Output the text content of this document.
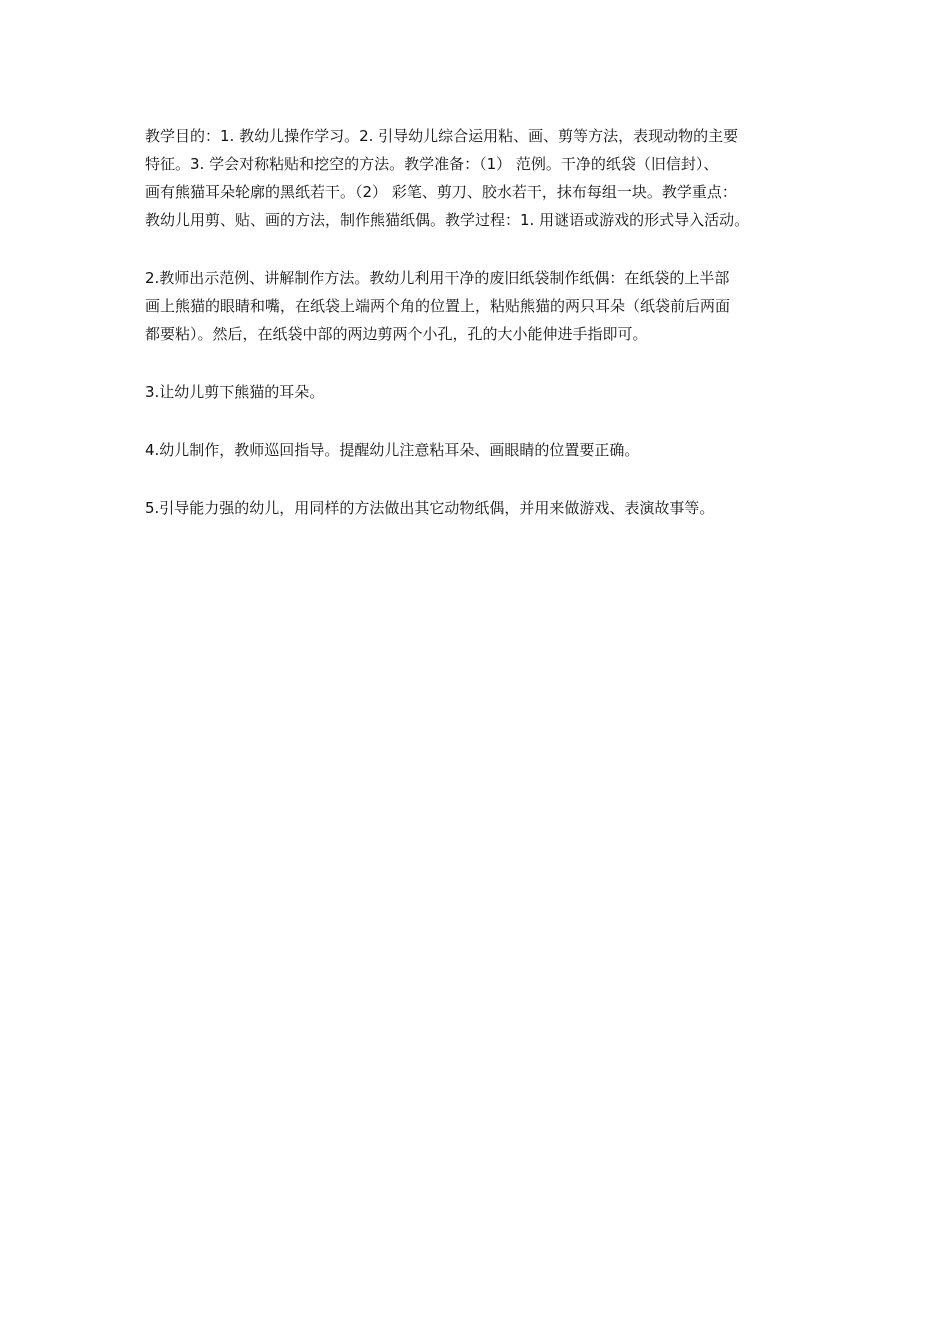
教学目的：1. 教幼儿操作学习。2. 引导幼儿综合运用粘、画、剪等方法，表现动物的主要
特征。3. 学会对称粘贴和挖空的方法。教学准备：（1） 范例。干净的纸袋（旧信封）、
画有熊猫耳朵轮廓的黑纸若干。（2） 彩笔、剪刀、胶水若干，抹布每组一块。教学重点：
教幼儿用剪、贴、画的方法，制作熊猫纸偶。教学过程：1. 用谜语或游戏的形式导入活动。
2.教师出示范例、讲解制作方法。教幼儿利用干净的废旧纸袋制作纸偶：在纸袋的上半部
画上熊猫的眼睛和嘴，在纸袋上端两个角的位置上，粘贴熊猫的两只耳朵（纸袋前后两面
都要粘）。然后，在纸袋中部的两边剪两个小孔，孔的大小能伸进手指即可。
3.让幼儿剪下熊猫的耳朵。
4.幼儿制作，教师巡回指导。提醒幼儿注意粘耳朵、画眼睛的位置要正确。
5.引导能力强的幼儿，用同样的方法做出其它动物纸偶，并用来做游戏、表演故事等。
